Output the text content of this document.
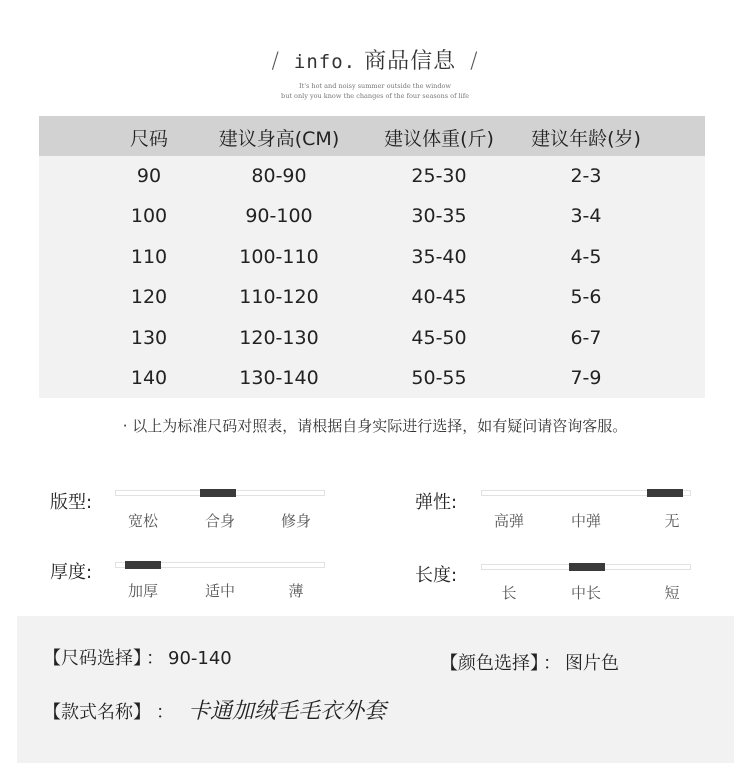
/ info. 商品信息 /
It's hot and noisy summer outside the window
but only you know the changes of the four seasons of life
尺码	建议身高(CM)	建议体重(斤)	建议年龄(岁)
90	80-90	25-30	2-3
100	90-100	30-35	3-4
110	100-110	35-40	4-5
120	110-120	40-45	5-6
130	120-130	45-50	6-7
140	130-140	50-55	7-9
· 以上为标准尺码对照表，请根据自身实际进行选择，如有疑问请咨询客服。
版型:
宽松	合身	修身
弹性:
高弹	中弹	无
厚度:
加厚	适中	薄
长度:
长	中长	短
【尺码选择】 ： 90-140	【颜色选择】 ： 图片色
【款式名称】 ： 卡通加绒毛毛衣外套
